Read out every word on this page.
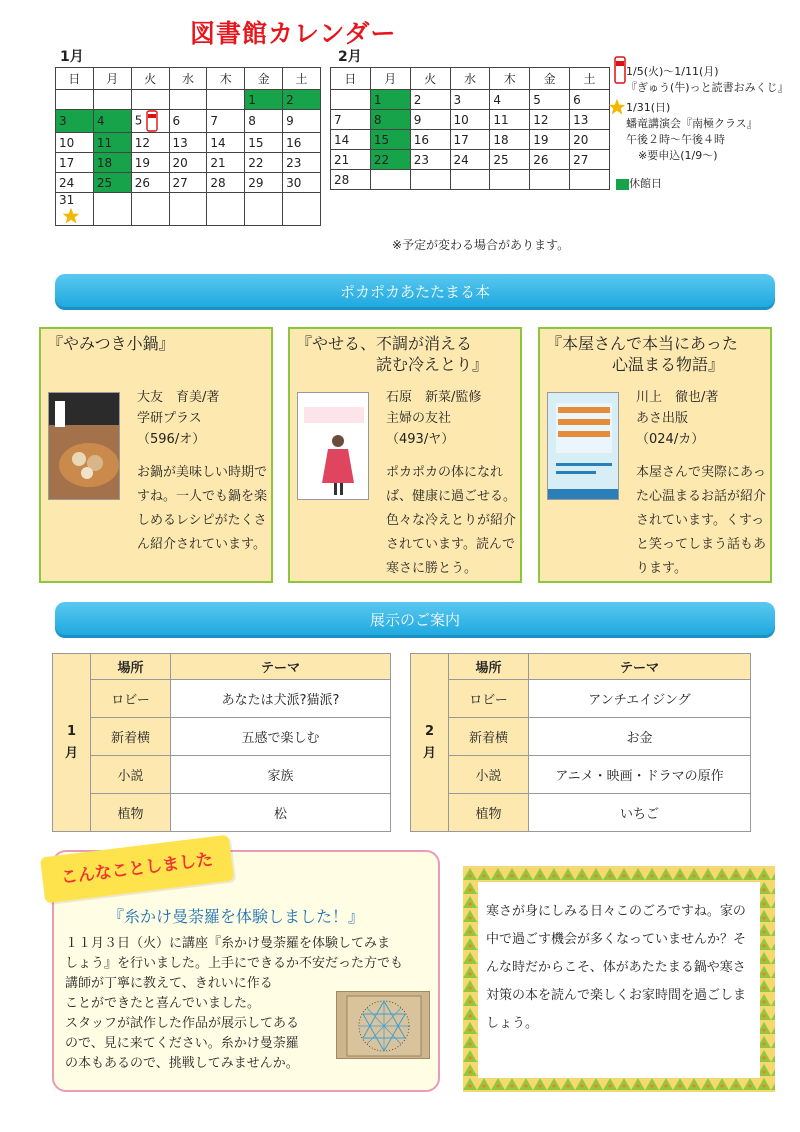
図書館カレンダー
1月
日	月	火	水	木	金	土
					1	2
3	4	5	6	7	8	9
10	11	12	13	14	15	16
17	18	19	20	21	22	23
24	25	26	27	28	29	30
31						
2月
日	月	火	水	木	金	土
	1	2	3	4	5	6
7	8	9	10	11	12	13
14	15	16	17	18	19	20
21	22	23	24	25	26	27
28						
※予定が変わる場合があります。
1/5(火)～1/11(月)
『ぎゅう(牛)っと読書おみくじ』
1/31(日)
蟠竜講演会『南極クラス』
午後２時～午後４時
※要申込(1/9～)
休館日
ポカポカあたたまる本
『やみつき小鍋』
大友　育美/著
学研プラス
（596/オ）
お鍋が美味しい時期ですね。一人でも鍋を楽しめるレシピがたくさん紹介されています。
『やせる、不調が消える
読む冷えとり』
石原　新菜/監修
主婦の友社
（493/ヤ）
ポカポカの体になれば、健康に過ごせる。色々な冷えとりが紹介されています。読んで寒さに勝とう。
『本屋さんで本当にあった
心温まる物語』
川上　徹也/著
あさ出版
（024/カ）
本屋さんで実際にあった心温まるお話が紹介されています。くすっと笑ってしまう話もあります。
展示のご案内
1
月	場所	テーマ
	ロビー	あなたは犬派?猫派?
	新着横	五感で楽しむ
	小説	家族
	植物	松
2
月	場所	テーマ
	ロビー	アンチエイジング
	新着横	お金
	小説	アニメ・映画・ドラマの原作
	植物	いちご
こんなことしました
『糸かけ曼荼羅を体験しました！』
１１月３日（火）に講座『糸かけ曼荼羅を体験してみま
しょう』を行いました。上手にできるか不安だった方でも
講師が丁寧に教えて、きれいに作る
ことができたと喜んでいました。
スタッフが試作した作品が展示してある
ので、見に来てください。糸かけ曼荼羅
の本もあるので、挑戦してみませんか。
寒さが身にしみる日々このごろですね。家の中で過ごす機会が多くなっていませんか？そんな時だからこそ、体があたたまる鍋や寒さ対策の本を読んで楽しくお家時間を過ごしましょう。
